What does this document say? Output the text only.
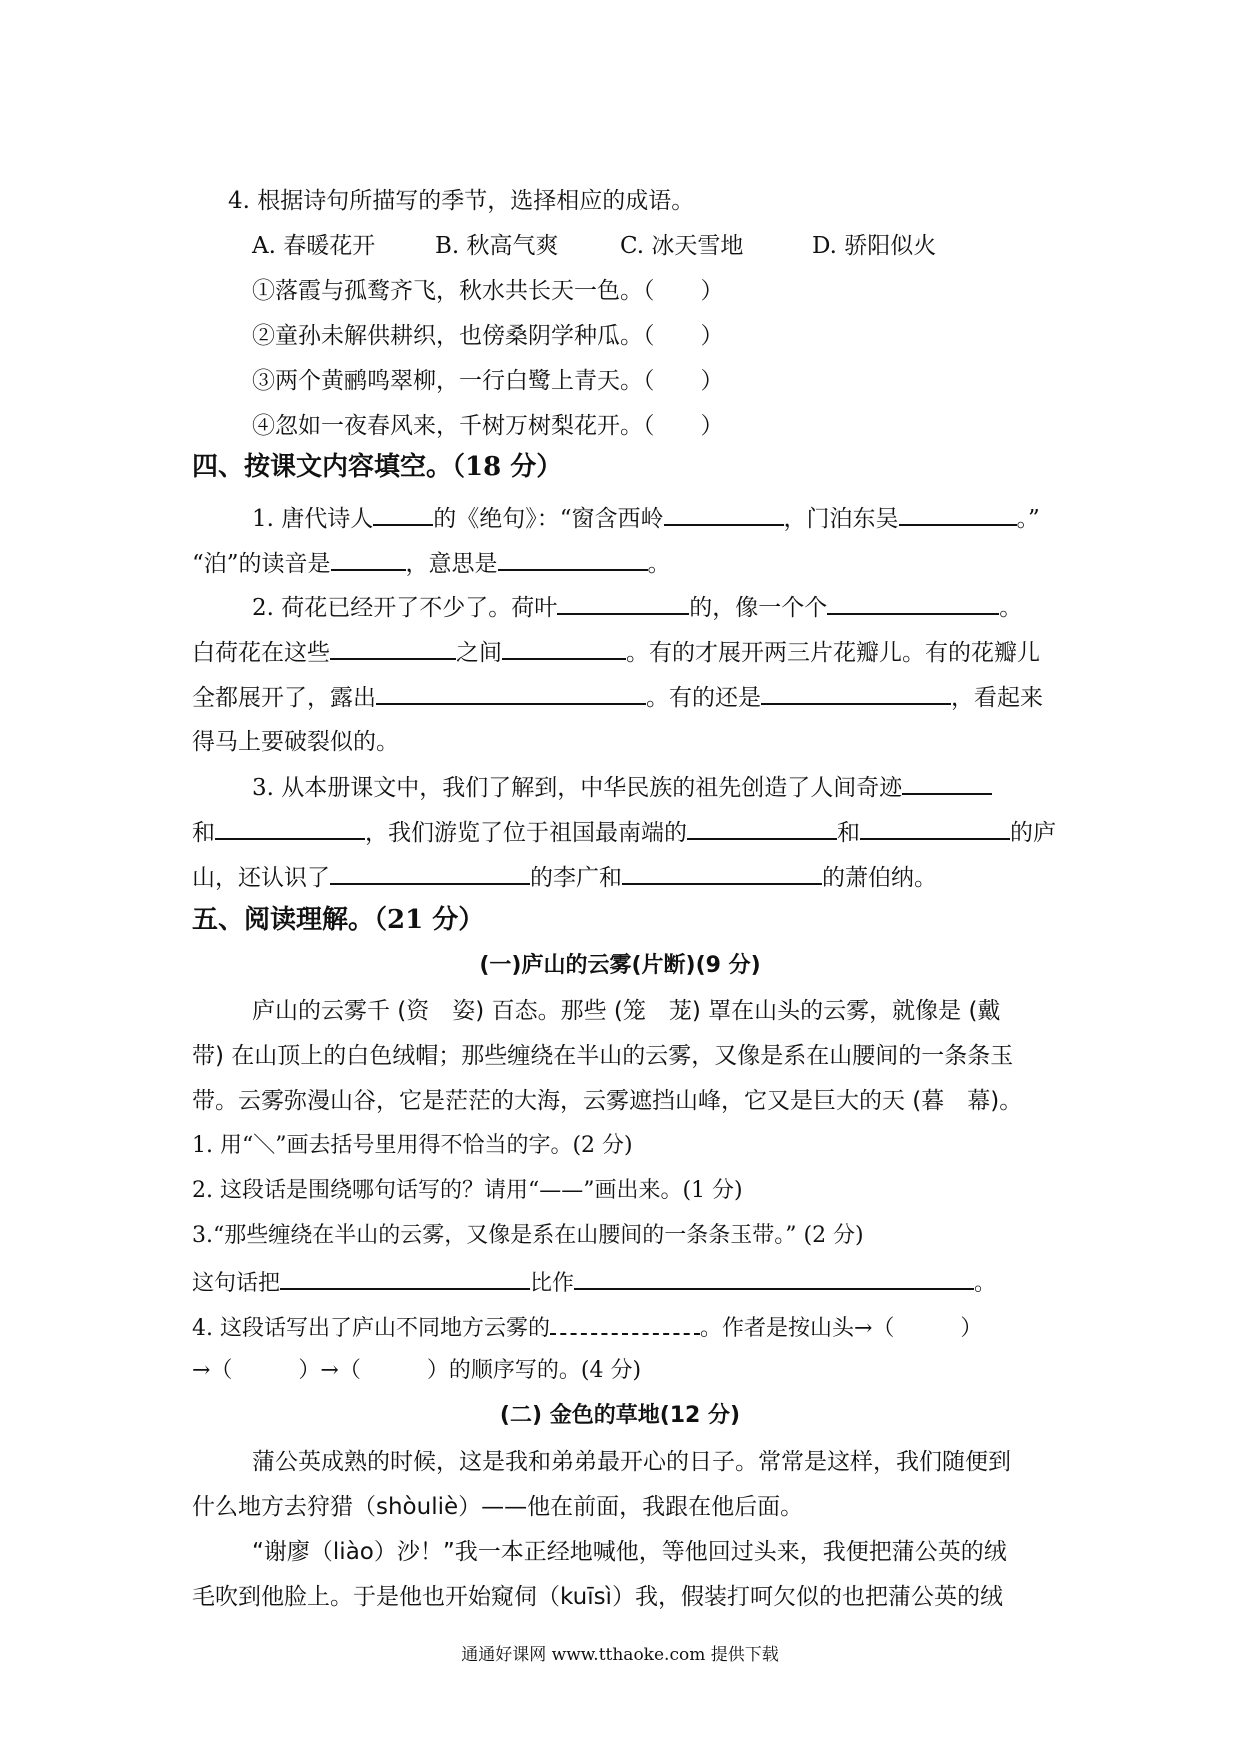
4. 根据诗句所描写的季节，选择相应的成语。
A. 春暖花开	B. 秋高气爽	C. 冰天雪地	D. 骄阳似火
①落霞与孤鹜齐飞，秋水共长天一色。（　　）
②童孙未解供耕织，也傍桑阴学种瓜。（　　）
③两个黄鹂鸣翠柳，一行白鹭上青天。（　　）
④忽如一夜春风来，千树万树梨花开。（　　）
四、按课文内容填空。（18 分）
1. 唐代诗人	的《绝句》：“窗含西岭	，门泊东吴	。”
“泊”的读音是	，意思是	。
2. 荷花已经开了不少了。荷叶	的，像一个个	。
白荷花在这些	之间	。有的才展开两三片花瓣儿。有的花瓣儿
全都展开了，露出	。有的还是	，看起来
得马上要破裂似的。
3. 从本册课文中，我们了解到，中华民族的祖先创造了人间奇迹
和	，我们游览了位于祖国最南端的	和	的庐
山，还认识了	的李广和	的萧伯纳。
五、阅读理解。（21 分）
(一)庐山的云雾(片断)(9 分)
庐山的云雾千 (资　姿) 百态。那些 (笼　茏) 罩在山头的云雾，就像是 (戴
带) 在山顶上的白色绒帽；那些缠绕在半山的云雾，又像是系在山腰间的一条条玉
带。云雾弥漫山谷，它是茫茫的大海，云雾遮挡山峰，它又是巨大的天 (暮　幕)。
1. 用“＼”画去括号里用得不恰当的字。(2 分)
2. 这段话是围绕哪句话写的？请用“——”画出来。(1 分)
3.“那些缠绕在半山的云雾，又像是系在山腰间的一条条玉带。” (2 分)
这句话把	比作	。
4. 这段话写出了庐山不同地方云雾的	。作者是按山头→（　　　）
→（　　　）→（　　　）的顺序写的。(4 分)
(二) 金色的草地(12 分)
蒲公英成熟的时候，这是我和弟弟最开心的日子。常常是这样，我们随便到
什么地方去狩猎（shòuliè）——他在前面，我跟在他后面。
“谢廖（liào）沙！”我一本正经地喊他，等他回过头来，我便把蒲公英的绒
毛吹到他脸上。于是他也开始窥伺（kuīsì）我，假装打呵欠似的也把蒲公英的绒
通通好课网 www.tthaoke.com 提供下载
